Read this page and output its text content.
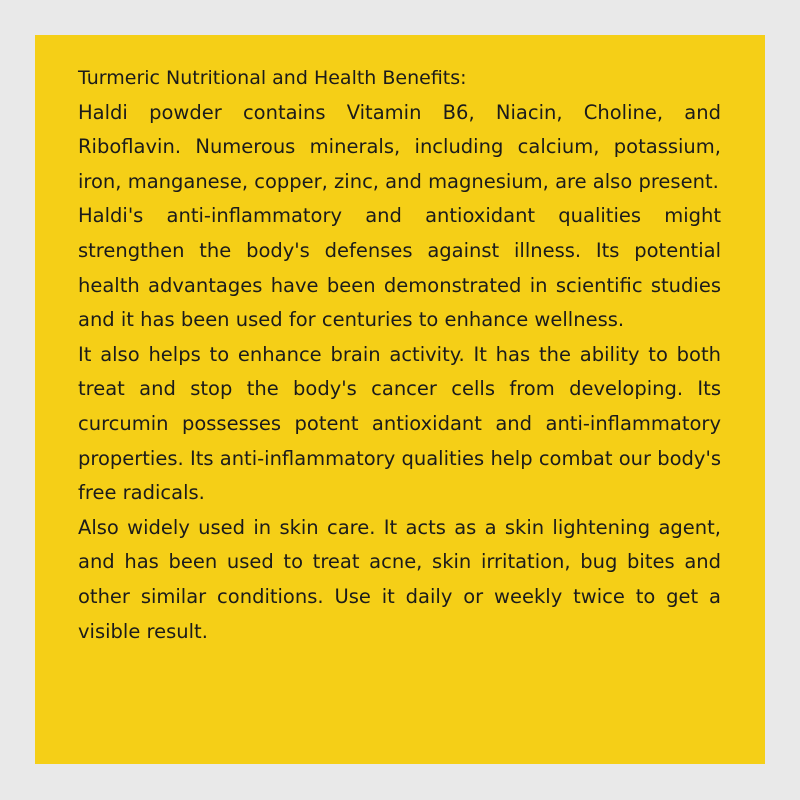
Turmeric Nutritional and Health Benefits:

Haldi powder contains Vitamin B6, Niacin, Choline, and Riboflavin. Numerous minerals, including calcium, potassium, iron, manganese, copper, zinc, and magnesium, are also present.

Haldi's anti-inflammatory and antioxidant qualities might strengthen the body's defenses against illness. Its potential health advantages have been demonstrated in scientific studies and it has been used for centuries to enhance wellness.

It also helps to enhance brain activity. It has the ability to both treat and stop the body's cancer cells from developing. Its curcumin possesses potent antioxidant and anti-inflammatory properties. Its anti-inflammatory qualities help combat our body's free radicals.

Also widely used in skin care. It acts as a skin lightening agent, and has been used to treat acne, skin irritation, bug bites and other similar conditions. Use it daily or weekly twice to get a visible result.
